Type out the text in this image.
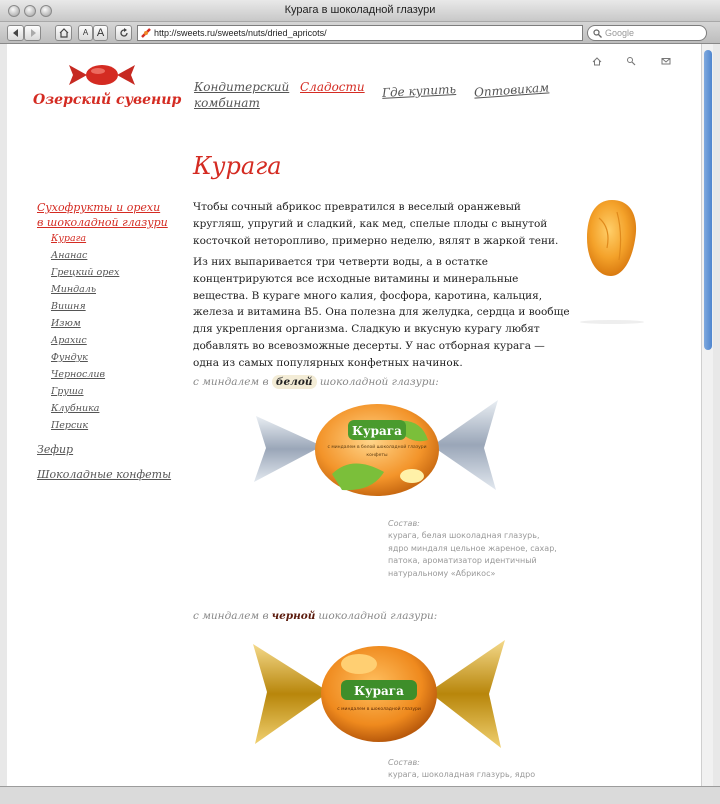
Курага в шоколадной глазури
A A	http://sweets.ru/sweets/nuts/dried_apricots/	Google
Озерский сувенир
Кондитерский
комбинат
Сладости Где купить Оптовикам
Сухофрукты и орехи
в шоколадной глазури
Курага
Ананас
Грецкий орех
Миндаль
Вишня
Изюм
Арахис
Фундук
Чернослив
Груша
Клубника
Персик
Зефир
Шоколадные конфеты
Курага
Чтобы сочный абрикос превратился в веселый оранжевый кругляш, упругий и сладкий, как мед, спелые плоды с вынутой косточкой неторопливо, примерно неделю, вялят в жаркой тени.
Из них выпаривается три четверти воды, а в остатке концентрируются все исходные витамины и минеральные вещества. В кураге много калия, фосфора, каротина, кальция, железа и витамина B5. Она полезна для желудка, сердца и вообще для укрепления организма. Сладкую и вкусную курагу любят добавлять во всевозможные десерты. У нас отборная курага — одна из самых популярных конфетных начинок.
с миндалем в белой шоколадной глазури:
Курага
с миндалем в белой шоколадной глазури
конфеты
Состав:
курага, белая шоколадная глазурь, ядро миндаля цельное жареное, сахар, патока, ароматизатор идентичный натуральному «Абрикос»
с миндалем в черной шоколадной глазури:
Курага
с миндалем в шоколадной глазури
Состав:
курага, шоколадная глазурь, ядро
